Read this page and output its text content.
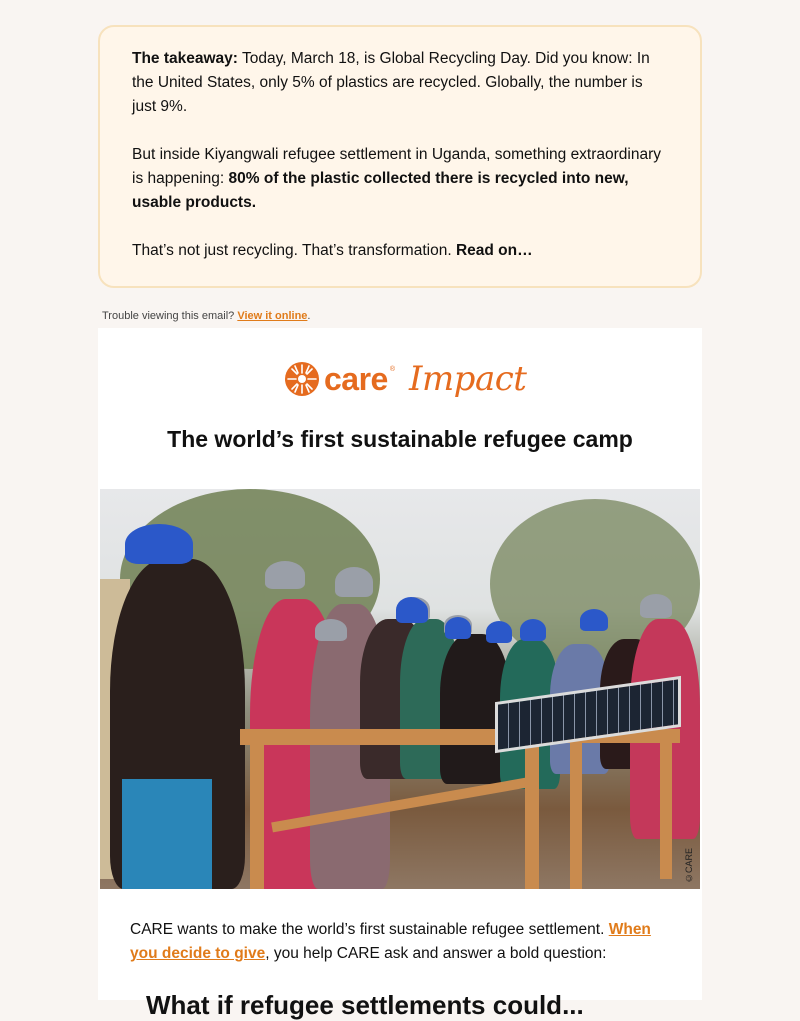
The takeaway: Today, March 18, is Global Recycling Day. Did you know: In the United States, only 5% of plastics are recycled. Globally, the number is just 9%.

But inside Kiyangwali refugee settlement in Uganda, something extraordinary is happening: 80% of the plastic collected there is recycled into new, usable products.

That’s not just recycling. That’s transformation. Read on…

Trouble viewing this email? View it online.
care ® Impact
The world’s first sustainable refugee camp
©CARE
CARE wants to make the world’s first sustainable refugee settlement. When you decide to give, you help CARE ask and answer a bold question:
What if refugee settlements could...
